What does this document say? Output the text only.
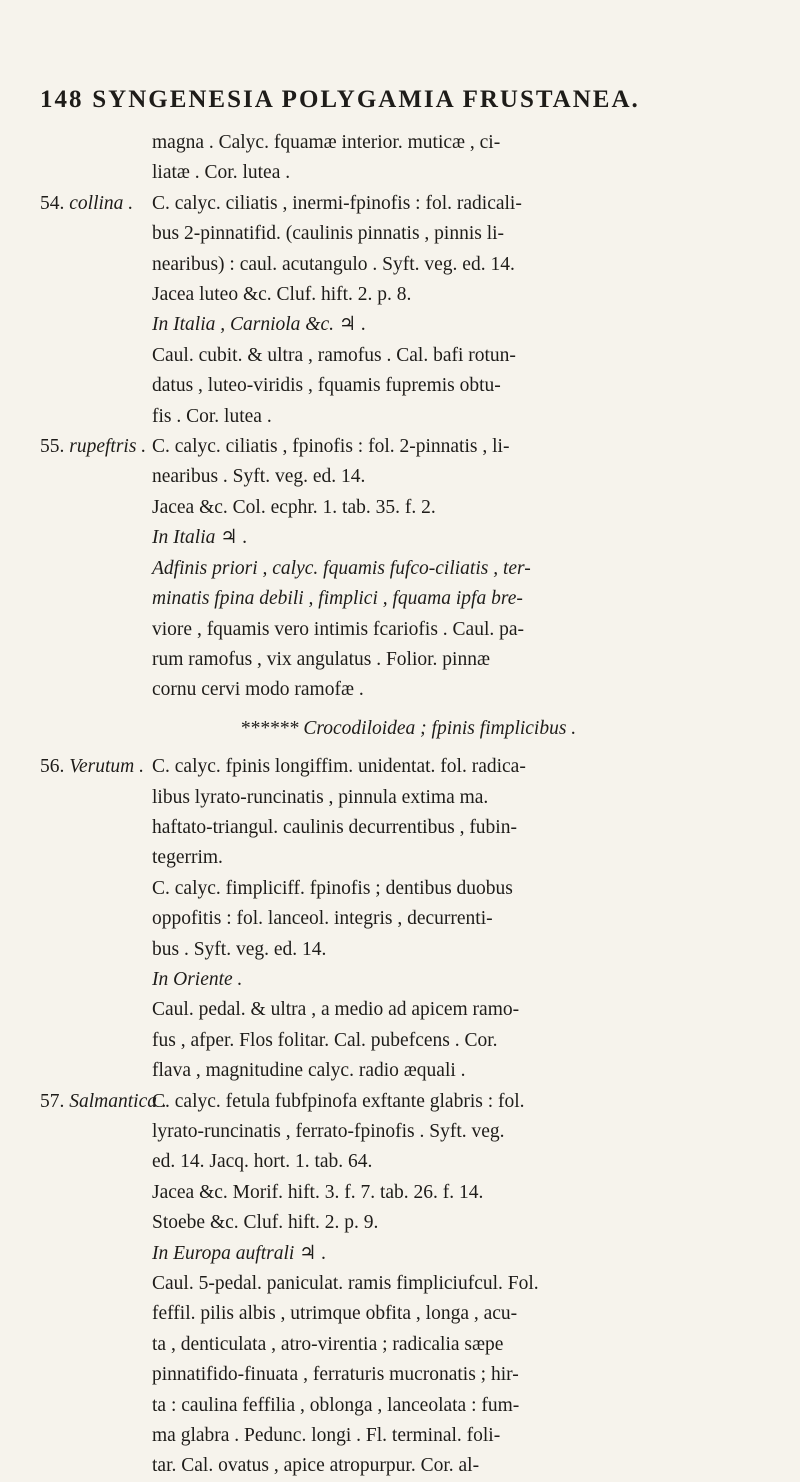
148 SYNGENESIA POLYGAMIA FRUSTANEA.
magna . Calyc. fquamæ interior. muticæ , ci-
liatæ . Cor. lutea .
54. collina . C. calyc. ciliatis , inermi-fpinofis : fol. radicali-
bus 2-pinnatifid. (caulinis pinnatis , pinnis li-
nearibus) : caul. acutangulo . Syft. veg. ed. 14.
Jacea luteo &c. Cluf. hift. 2. p. 8.
In Italia , Carniola &c. ♃ .
Caul. cubit. & ultra , ramofus . Cal. bafi rotun-
datus , luteo-viridis , fquamis fupremis obtu-
fis . Cor. lutea .
55. rupeftris . C. calyc. ciliatis , fpinofis : fol. 2-pinnatis , li-
nearibus . Syft. veg. ed. 14.
Jacea &c. Col. ecphr. 1. tab. 35. f. 2.
In Italia ♃ .
Adfinis priori , calyc. fquamis fufco-ciliatis , ter-
minatis fpina debili , fimplici , fquama ipfa bre-
viore , fquamis vero intimis fcariofis . Caul. pa-
rum ramofus , vix angulatus . Folior. pinnæ
cornu cervi modo ramofæ .
****** Crocodiloidea ; fpinis fimplicibus .
56. Verutum . C. calyc. fpinis longiffim. unidentat. fol. radica-
libus lyrato-runcinatis , pinnula extima ma.
haftato-triangul. caulinis decurrentibus , fubin-
tegerrim.
C. calyc. fimpliciff. fpinofis ; dentibus duobus
oppofitis : fol. lanceol. integris , decurrenti-
bus . Syft. veg. ed. 14.
In Oriente .
Caul. pedal. & ultra , a medio ad apicem ramo-
fus , afper. Flos folitar. Cal. pubefcens . Cor.
flava , magnitudine calyc. radio æquali .
57. Salmantica .C. calyc. fetula fubfpinofa exftante glabris : fol.
lyrato-runcinatis , ferrato-fpinofis . Syft. veg.
ed. 14. Jacq. hort. 1. tab. 64.
Jacea &c. Morif. hift. 3. f. 7. tab. 26. f. 14.
Stoebe &c. Cluf. hift. 2. p. 9.
In Europa auftrali ♃ .
Caul. 5-pedal. paniculat. ramis fimpliciufcul. Fol.
feffil. pilis albis , utrimque obfita , longa , acu-
ta , denticulata , atro-virentia ; radicalia sæpe
pinnatifido-finuata , ferraturis mucronatis ; hir-
ta : caulina feffilia , oblonga , lanceolata : fum-
ma glabra . Pedunc. longi . Fl. terminal. foli-
tar. Cal. ovatus , apice atropurpur. Cor. al-
